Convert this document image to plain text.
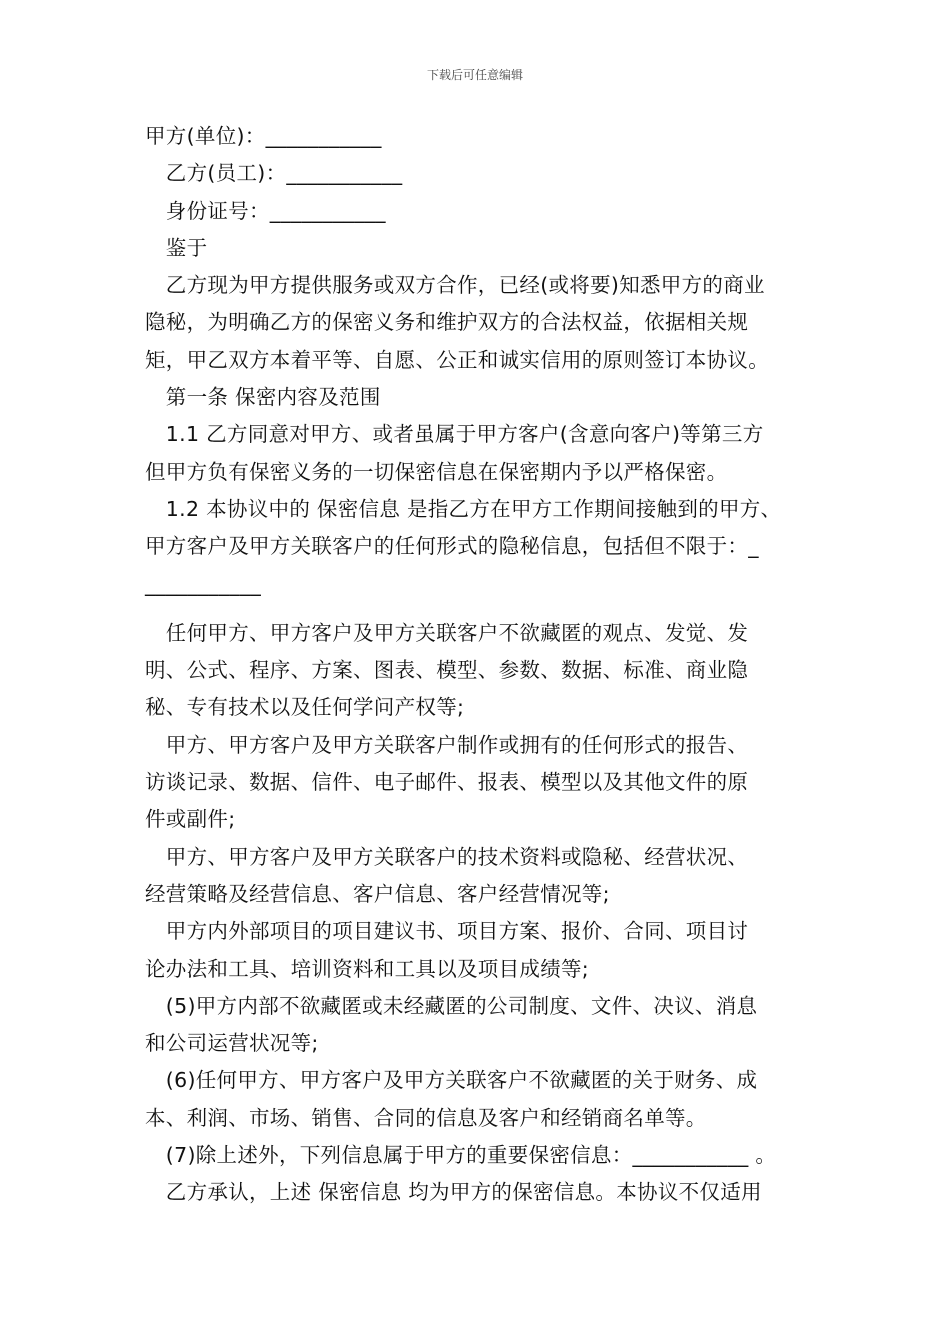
下载后可任意编辑
甲方(单位)：___________
　乙方(员工)：___________
　身份证号：___________
　鉴于
　乙方现为甲方提供服务或双方合作，已经(或将要)知悉甲方的商业
隐秘，为明确乙方的保密义务和维护双方的合法权益，依据相关规
矩，甲乙双方本着平等、自愿、公正和诚实信用的原则签订本协议。
　第一条 保密内容及范围
　1.1 乙方同意对甲方、或者虽属于甲方客户(含意向客户)等第三方
但甲方负有保密义务的一切保密信息在保密期内予以严格保密。
　1.2 本协议中的 保密信息 是指乙方在甲方工作期间接触到的甲方、
甲方客户及甲方关联客户的任何形式的隐秘信息，包括但不限于：_
___________
　任何甲方、甲方客户及甲方关联客户不欲藏匿的观点、发觉、发
明、公式、程序、方案、图表、模型、参数、数据、标准、商业隐
秘、专有技术以及任何学问产权等;
　甲方、甲方客户及甲方关联客户制作或拥有的任何形式的报告、
访谈记录、数据、信件、电子邮件、报表、模型以及其他文件的原
件或副件;
　甲方、甲方客户及甲方关联客户的技术资料或隐秘、经营状况、
经营策略及经营信息、客户信息、客户经营情况等;
　甲方内外部项目的项目建议书、项目方案、报价、合同、项目讨
论办法和工具、培训资料和工具以及项目成绩等;
　(5)甲方内部不欲藏匿或未经藏匿的公司制度、文件、决议、消息
和公司运营状况等;
　(6)任何甲方、甲方客户及甲方关联客户不欲藏匿的关于财务、成
本、利润、市场、销售、合同的信息及客户和经销商名单等。
　(7)除上述外，下列信息属于甲方的重要保密信息：___________ 。
　乙方承认，上述 保密信息 均为甲方的保密信息。本协议不仅适用
